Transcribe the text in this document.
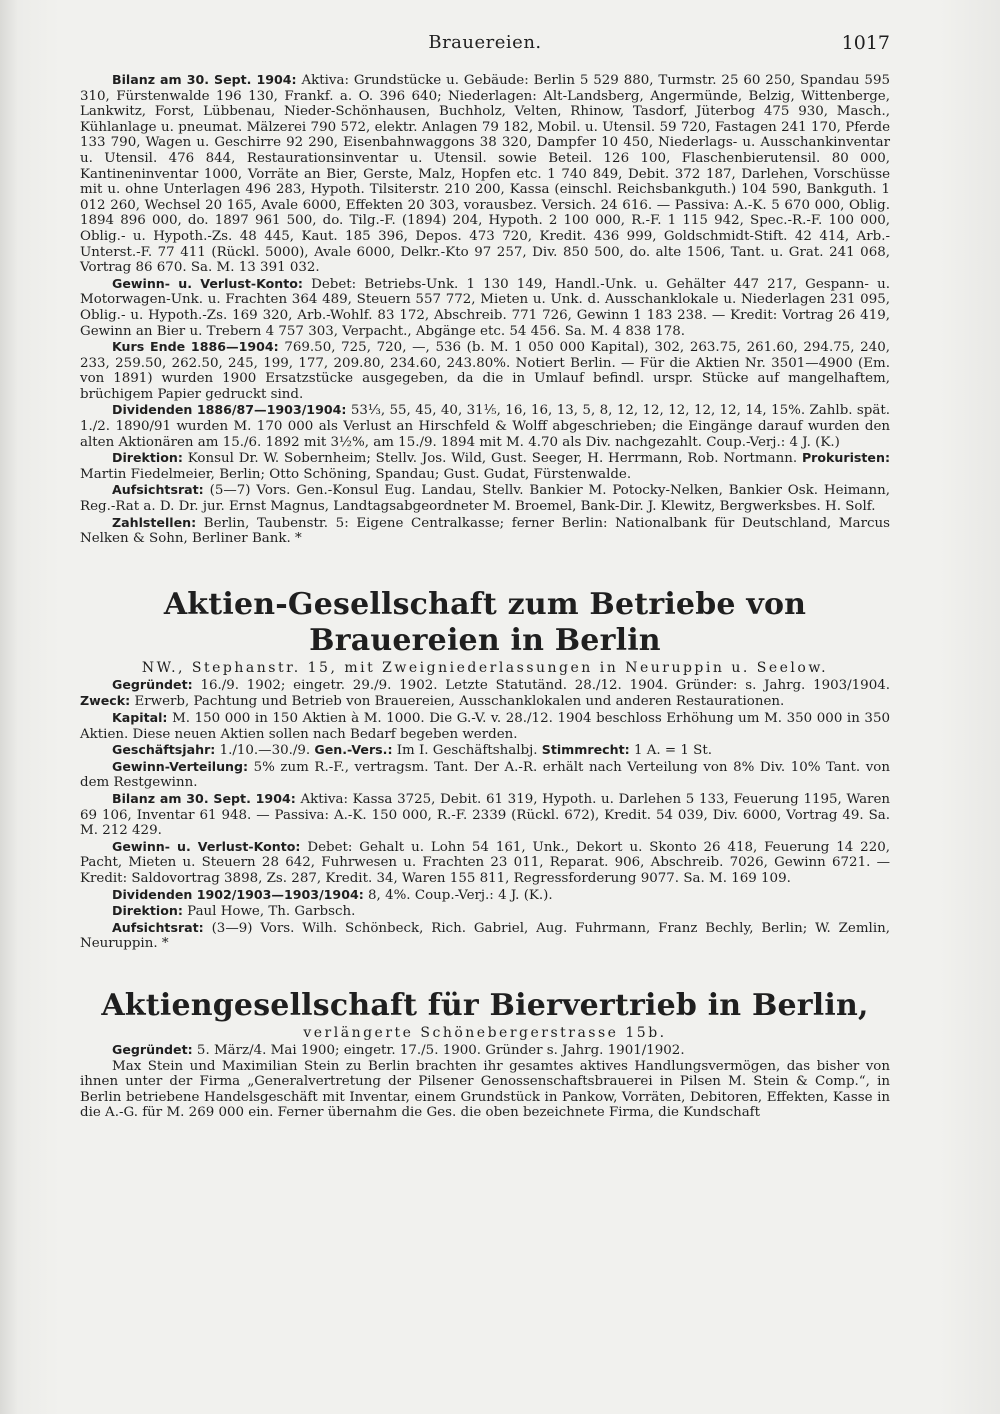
Brauereien.	1017

Bilanz am 30. Sept. 1904: Aktiva: Grundstücke u. Gebäude: Berlin 5 529 880, Turmstr. 25 60 250, Spandau 595 310, Fürstenwalde 196 130, Frankf. a. O. 396 640; Niederlagen: Alt-Landsberg, Angermünde, Belzig, Wittenberge, Lankwitz, Forst, Lübbenau, Nieder-Schönhausen, Buchholz, Velten, Rhinow, Tasdorf, Jüterbog 475 930, Masch., Kühlanlage u. pneumat. Mälzerei 790 572, elektr. Anlagen 79 182, Mobil. u. Utensil. 59 720, Fastagen 241 170, Pferde 133 790, Wagen u. Geschirre 92 290, Eisenbahnwaggons 38 320, Dampfer 10 450, Niederlags- u. Ausschankinventar u. Utensil. 476 844, Restaurationsinventar u. Utensil. sowie Beteil. 126 100, Flaschenbierutensil. 80 000, Kantineninventar 1000, Vorräte an Bier, Gerste, Malz, Hopfen etc. 1 740 849, Debit. 372 187, Darlehen, Vorschüsse mit u. ohne Unterlagen 496 283, Hypoth. Tilsiterstr. 210 200, Kassa (einschl. Reichsbankguth.) 104 590, Bankguth. 1 012 260, Wechsel 20 165, Avale 6000, Effekten 20 303, vorausbez. Versich. 24 616. — Passiva: A.-K. 5 670 000, Oblig. 1894 896 000, do. 1897 961 500, do. Tilg.-F. (1894) 204, Hypoth. 2 100 000, R.-F. 1 115 942, Spec.-R.-F. 100 000, Oblig.- u. Hypoth.-Zs. 48 445, Kaut. 185 396, Depos. 473 720, Kredit. 436 999, Goldschmidt-Stift. 42 414, Arb.-Unterst.-F. 77 411 (Rückl. 5000), Avale 6000, Delkr.-Kto 97 257, Div. 850 500, do. alte 1506, Tant. u. Grat. 241 068, Vortrag 86 670. Sa. M. 13 391 032.

Gewinn- u. Verlust-Konto: Debet: Betriebs-Unk. 1 130 149, Handl.-Unk. u. Gehälter 447 217, Gespann- u. Motorwagen-Unk. u. Frachten 364 489, Steuern 557 772, Mieten u. Unk. d. Ausschanklokale u. Niederlagen 231 095, Oblig.- u. Hypoth.-Zs. 169 320, Arb.-Wohlf. 83 172, Abschreib. 771 726, Gewinn 1 183 238. — Kredit: Vortrag 26 419, Gewinn an Bier u. Trebern 4 757 303, Verpacht., Abgänge etc. 54 456. Sa. M. 4 838 178.

Kurs Ende 1886—1904: 769.50, 725, 720, —, 536 (b. M. 1 050 000 Kapital), 302, 263.75, 261.60, 294.75, 240, 233, 259.50, 262.50, 245, 199, 177, 209.80, 234.60, 243.80%. Notiert Berlin. — Für die Aktien Nr. 3501—4900 (Em. von 1891) wurden 1900 Ersatzstücke ausgegeben, da die in Umlauf befindl. urspr. Stücke auf mangelhaftem, brüchigem Papier gedruckt sind.

Dividenden 1886/87—1903/1904: 53⅓, 55, 45, 40, 31⅕, 16, 16, 13, 5, 8, 12, 12, 12, 12, 12, 14, 15%. Zahlb. spät. 1./2. 1890/91 wurden M. 170 000 als Verlust an Hirschfeld & Wolff abgeschrieben; die Eingänge darauf wurden den alten Aktionären am 15./6. 1892 mit 3½%, am 15./9. 1894 mit M. 4.70 als Div. nachgezahlt. Coup.-Verj.: 4 J. (K.)

Direktion: Konsul Dr. W. Sobernheim; Stellv. Jos. Wild, Gust. Seeger, H. Herrmann, Rob. Nortmann. Prokuristen: Martin Fiedelmeier, Berlin; Otto Schöning, Spandau; Gust. Gudat, Fürstenwalde.

Aufsichtsrat: (5—7) Vors. Gen.-Konsul Eug. Landau, Stellv. Bankier M. Potocky-Nelken, Bankier Osk. Heimann, Reg.-Rat a. D. Dr. jur. Ernst Magnus, Landtagsabgeordneter M. Broemel, Bank-Dir. J. Klewitz, Bergwerksbes. H. Solf.

Zahlstellen: Berlin, Taubenstr. 5: Eigene Centralkasse; ferner Berlin: Nationalbank für Deutschland, Marcus Nelken & Sohn, Berliner Bank. *

Aktien-Gesellschaft zum Betriebe von Brauereien in Berlin

NW., Stephanstr. 15, mit Zweigniederlassungen in Neuruppin u. Seelow.

Gegründet: 16./9. 1902; eingetr. 29./9. 1902. Letzte Statutänd. 28./12. 1904. Gründer: s. Jahrg. 1903/1904. Zweck: Erwerb, Pachtung und Betrieb von Brauereien, Ausschanklokalen und anderen Restaurationen.

Kapital: M. 150 000 in 150 Aktien à M. 1000. Die G.-V. v. 28./12. 1904 beschloss Erhöhung um M. 350 000 in 350 Aktien. Diese neuen Aktien sollen nach Bedarf begeben werden.

Geschäftsjahr: 1./10.—30./9. Gen.-Vers.: Im I. Geschäftshalbj. Stimmrecht: 1 A. = 1 St.

Gewinn-Verteilung: 5% zum R.-F., vertragsm. Tant. Der A.-R. erhält nach Verteilung von 8% Div. 10% Tant. von dem Restgewinn.

Bilanz am 30. Sept. 1904: Aktiva: Kassa 3725, Debit. 61 319, Hypoth. u. Darlehen 5 133, Feuerung 1195, Waren 69 106, Inventar 61 948. — Passiva: A.-K. 150 000, R.-F. 2339 (Rückl. 672), Kredit. 54 039, Div. 6000, Vortrag 49. Sa. M. 212 429.

Gewinn- u. Verlust-Konto: Debet: Gehalt u. Lohn 54 161, Unk., Dekort u. Skonto 26 418, Feuerung 14 220, Pacht, Mieten u. Steuern 28 642, Fuhrwesen u. Frachten 23 011, Reparat. 906, Abschreib. 7026, Gewinn 6721. — Kredit: Saldovortrag 3898, Zs. 287, Kredit. 34, Waren 155 811, Regressforderung 9077. Sa. M. 169 109.

Dividenden 1902/1903—1903/1904: 8, 4%. Coup.-Verj.: 4 J. (K.).

Direktion: Paul Howe, Th. Garbsch.

Aufsichtsrat: (3—9) Vors. Wilh. Schönbeck, Rich. Gabriel, Aug. Fuhrmann, Franz Bechly, Berlin; W. Zemlin, Neuruppin. *

Aktiengesellschaft für Biervertrieb in Berlin,

verlängerte Schönebergerstrasse 15b.

Gegründet: 5. März/4. Mai 1900; eingetr. 17./5. 1900. Gründer s. Jahrg. 1901/1902.

Max Stein und Maximilian Stein zu Berlin brachten ihr gesamtes aktives Handlungsvermögen, das bisher von ihnen unter der Firma „Generalvertretung der Pilsener Genossenschaftsbrauerei in Pilsen M. Stein & Comp.“, in Berlin betriebene Handelsgeschäft mit Inventar, einem Grundstück in Pankow, Vorräten, Debitoren, Effekten, Kasse in die A.-G. für M. 269 000 ein. Ferner übernahm die Ges. die oben bezeichnete Firma, die Kundschaft
